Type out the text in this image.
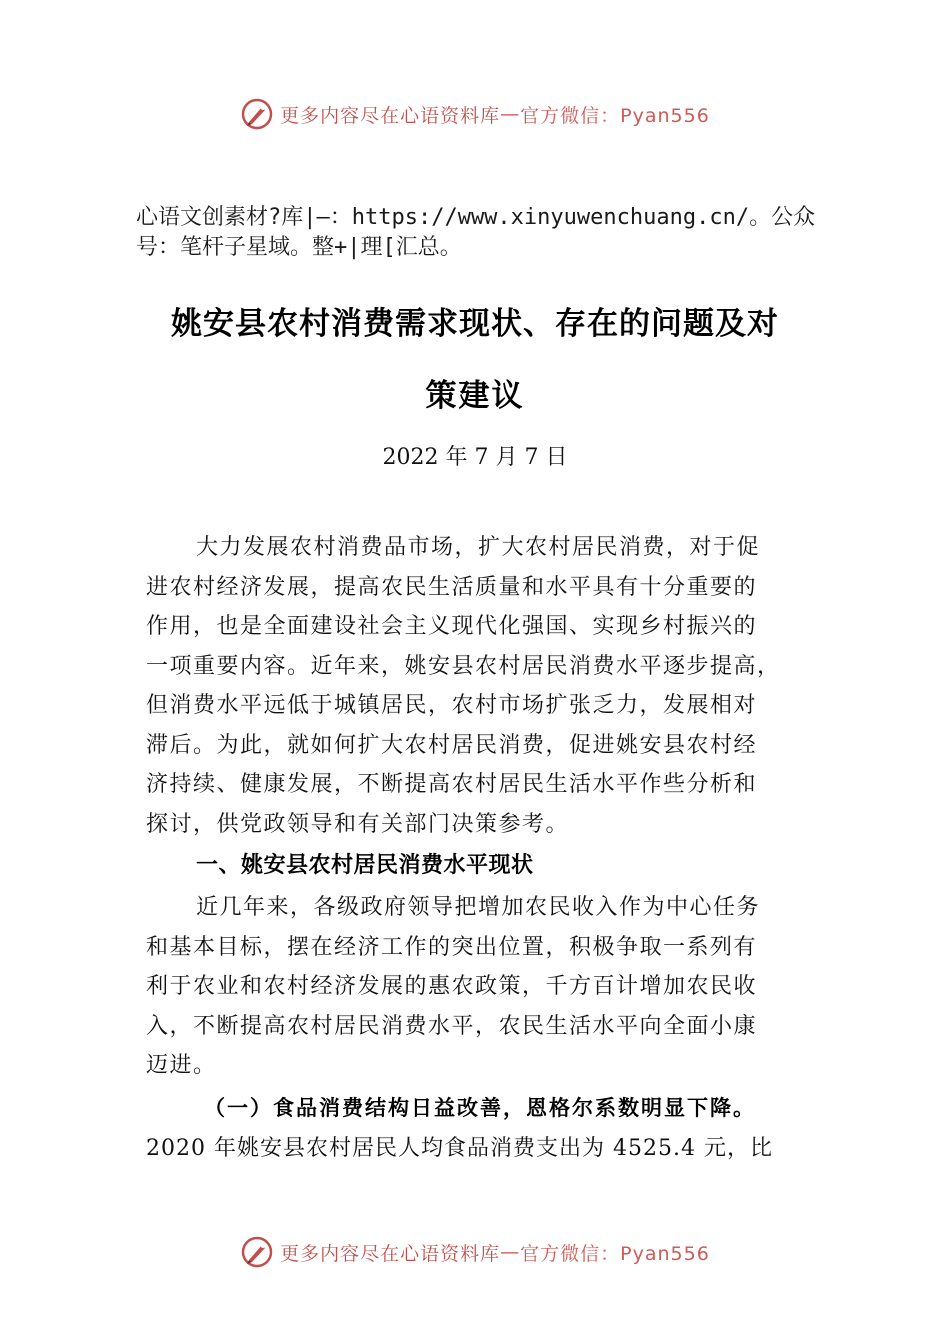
更多内容尽在心语资料库 — 官方微信：Pyan556
心语文创素材?库|—：https://www.xinyuwenchuang.cn/。公众
号：笔杆子星域。整+|理[汇总。
姚安县农村消费需求现状、存在的问题及对
策建议
2022 年 7 月 7 日
大力发展农村消费品市场，扩大农村居民消费，对于促
进农村经济发展，提高农民生活质量和水平具有十分重要的
作用，也是全面建设社会主义现代化强国、实现乡村振兴的
一项重要内容。近年来，姚安县农村居民消费水平逐步提高，
但消费水平远低于城镇居民，农村市场扩张乏力，发展相对
滞后。为此，就如何扩大农村居民消费，促进姚安县农村经
济持续、健康发展，不断提高农村居民生活水平作些分析和
探讨，供党政领导和有关部门决策参考。
一、姚安县农村居民消费水平现状
近几年来，各级政府领导把增加农民收入作为中心任务
和基本目标，摆在经济工作的突出位置，积极争取一系列有
利于农业和农村经济发展的惠农政策，千方百计增加农民收
入，不断提高农村居民消费水平，农民生活水平向全面小康
迈进。
（一）食品消费结构日益改善，恩格尔系数明显下降。
2020 年姚安县农村居民人均食品消费支出为 4525.4 元，比
更多内容尽在心语资料库 — 官方微信：Pyan556
